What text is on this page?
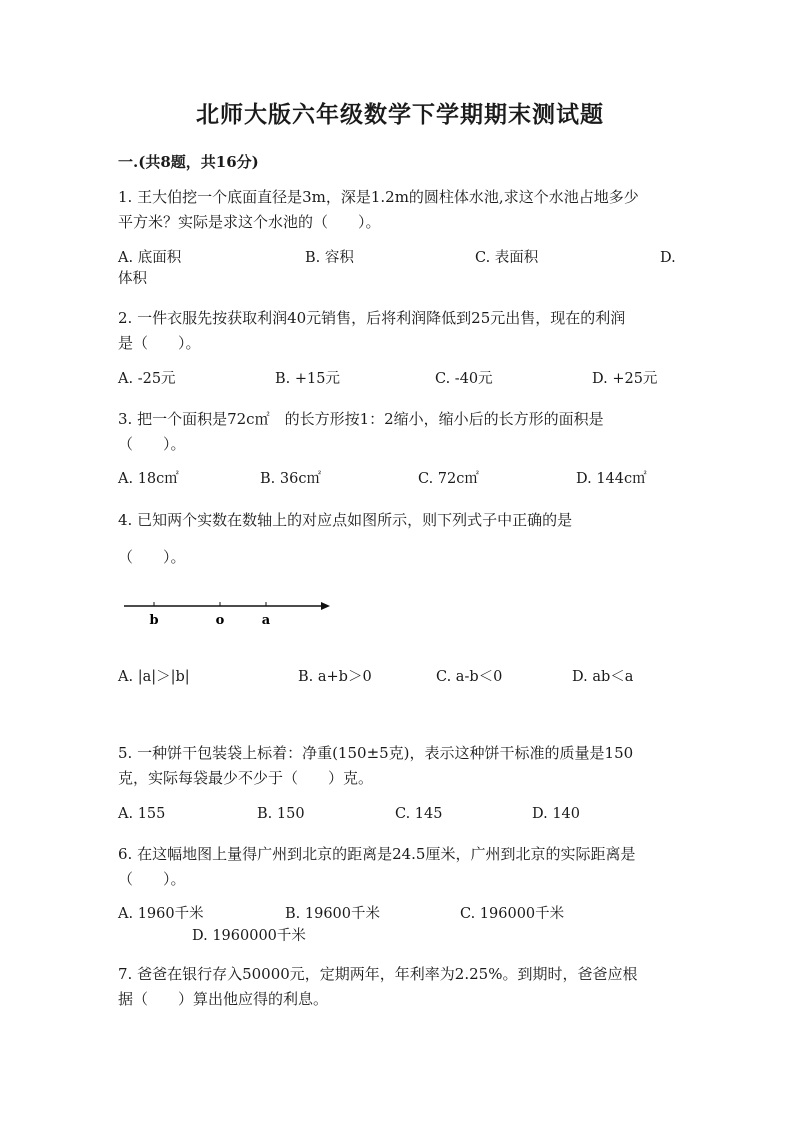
北师大版六年级数学下学期期末测试题
一.(共8题，共16分)
1. 王大伯挖一个底面直径是3m，深是1.2m的圆柱体水池,求这个水池占地多少
平方米？实际是求这个水池的（　　）。
A. 底面积	B. 容积	C. 表面积	D.
体积
2. 一件衣服先按获取利润40元销售，后将利润降低到25元出售，现在的利润
是（　　）。
A. -25元	B. +15元	C. -40元	D. +25元
3. 把一个面积是72c㎡　的长方形按1：2缩小，缩小后的长方形的面积是
（　　）。
A. 18c㎡	B. 36c㎡	C. 72c㎡	D. 144c㎡
4. 已知两个实数在数轴上的对应点如图所示，则下列式子中正确的是
（　　）。
b	o	a
A. |a|＞|b|	B. a+b＞0	C. a-b＜0	D. ab＜a
5. 一种饼干包装袋上标着：净重(150±5克)，表示这种饼干标准的质量是150
克，实际每袋最少不少于（　　）克。
A. 155	B. 150	C. 145	D. 140
6. 在这幅地图上量得广州到北京的距离是24.5厘米，广州到北京的实际距离是
（　　）。
A. 1960千米	B. 19600千米	C. 196000千米
D. 1960000千米
7. 爸爸在银行存入50000元，定期两年，年利率为2.25%。到期时，爸爸应根
据（　　）算出他应得的利息。
